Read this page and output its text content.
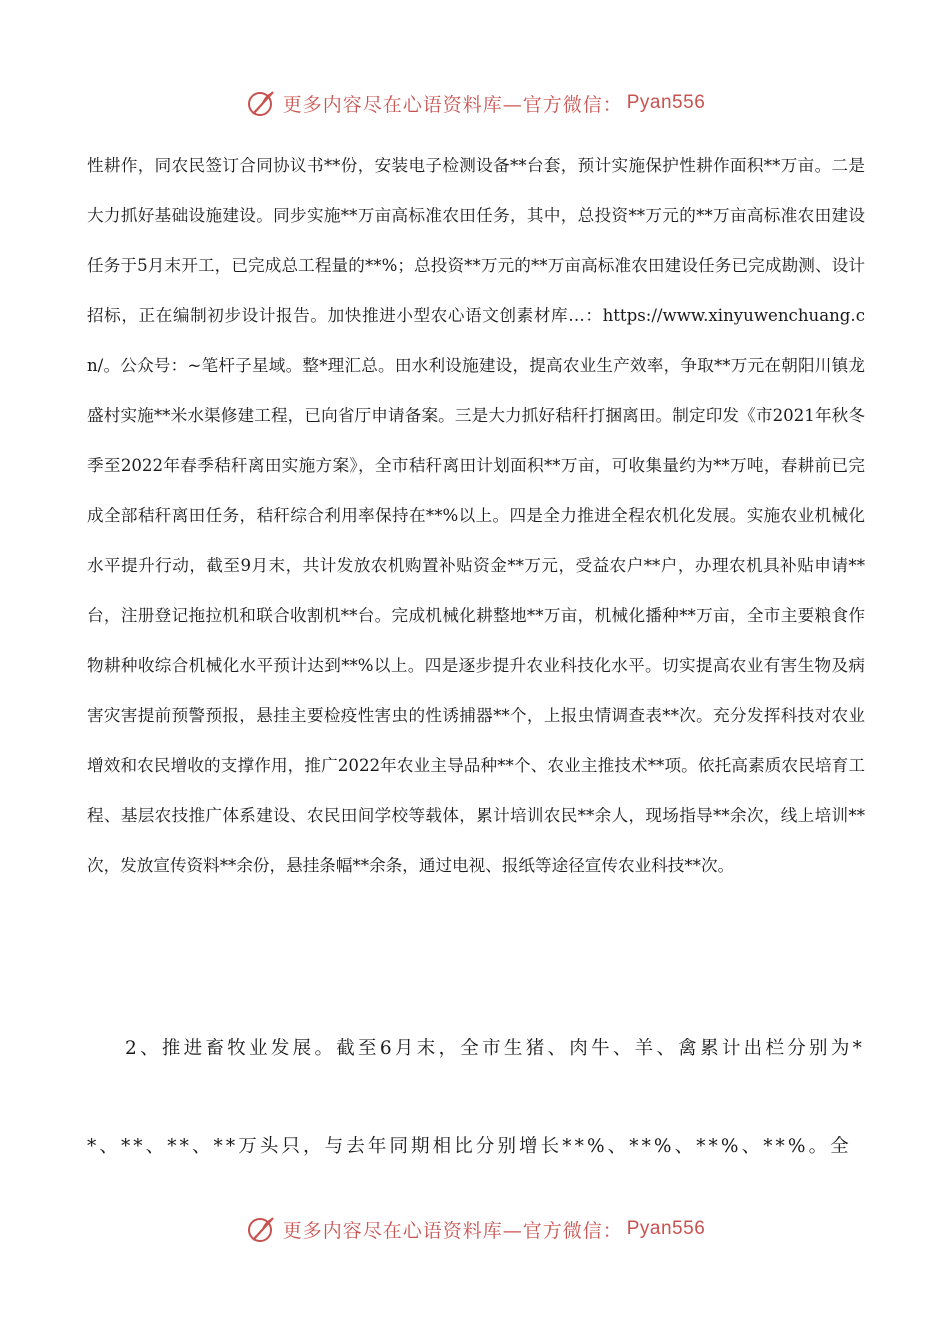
更多内容尽在心语资料库—官方微信： Pyan556

性耕作，同农民签订合同协议书**份，安装电子检测设备**台套，预计实施保护性耕作面积**万亩。二是大力抓好基础设施建设。同步实施**万亩高标准农田任务，其中，总投资**万元的**万亩高标准农田建设任务于5月末开工，已完成总工程量的**%；总投资**万元的**万亩高标准农田建设任务已完成勘测、设计招标，正在编制初步设计报告。加快推进小型农心语文创素材库…：https://www.xinyuwenchuang.cn/。公众号：~笔杆子星域。整*理汇总。田水利设施建设，提高农业生产效率，争取**万元在朝阳川镇龙盛村实施**米水渠修建工程，已向省厅申请备案。三是大力抓好秸秆打捆离田。制定印发《市2021年秋冬季至2022年春季秸秆离田实施方案》，全市秸秆离田计划面积**万亩，可收集量约为**万吨，春耕前已完成全部秸秆离田任务，秸秆综合利用率保持在**%以上。四是全力推进全程农机化发展。实施农业机械化水平提升行动，截至9月末，共计发放农机购置补贴资金**万元，受益农户**户，办理农机具补贴申请**台，注册登记拖拉机和联合收割机**台。完成机械化耕整地**万亩，机械化播种**万亩，全市主要粮食作物耕种收综合机械化水平预计达到**%以上。四是逐步提升农业科技化水平。切实提高农业有害生物及病害灾害提前预警预报，悬挂主要检疫性害虫的性诱捕器**个，上报虫情调查表**次。充分发挥科技对农业增效和农民增收的支撑作用，推广2022年农业主导品种**个、农业主推技术**项。依托高素质农民培育工程、基层农技推广体系建设、农民田间学校等载体，累计培训农民**余人，现场指导**余次，线上培训**次，发放宣传资料**余份，悬挂条幅**余条，通过电视、报纸等途径宣传农业科技**次。

2、推进畜牧业发展。截至6月末，全市生猪、肉牛、羊、禽累计出栏分别为**、**、**、**万头只，与去年同期相比分别增长**%、**%、**%、**%。全

更多内容尽在心语资料库—官方微信： Pyan556
